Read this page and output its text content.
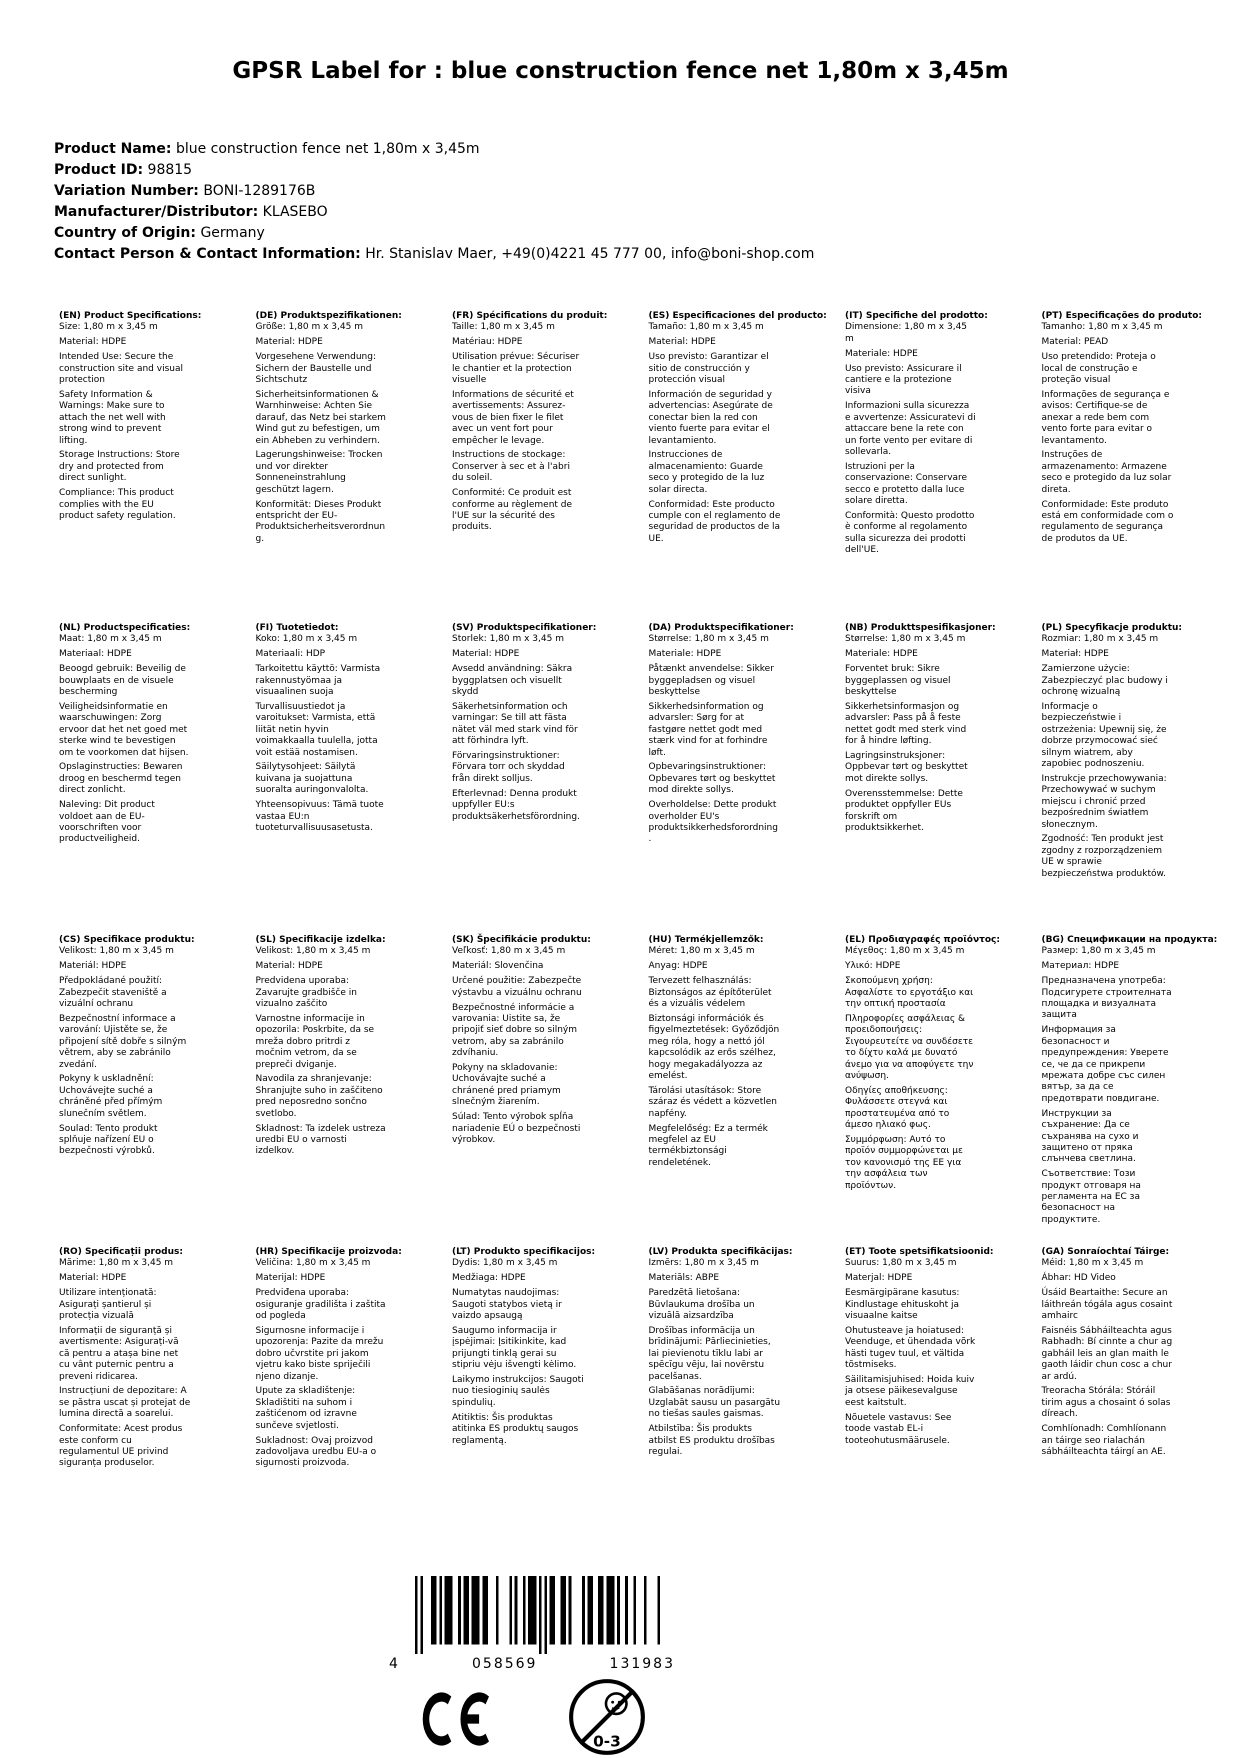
GPSR Label for : blue construction fence net 1,80m x 3,45m
Product Name: blue construction fence net 1,80m x 3,45m
Product ID: 98815
Variation Number: BONI-1289176B
Manufacturer/Distributor: KLASEBO
Country of Origin: Germany
Contact Person & Contact Information: Hr. Stanislav Maer, +49(0)4221 45 777 00, info@boni-shop.com
(EN) Product Specifications:

Size: 1,80 m x 3,45 m

Material: HDPE

Intended Use: Secure the construction site and visual protection

Safety Information & Warnings: Make sure to attach the net well with strong wind to prevent lifting.

Storage Instructions: Store dry and protected from direct sunlight.

Compliance: This product complies with the EU product safety regulation.

(DE) Produktspezifikationen:

Größe: 1,80 m x 3,45 m

Material: HDPE

Vorgesehene Verwendung: Sichern der Baustelle und Sichtschutz

Sicherheitsinformationen & Warnhinweise: Achten Sie darauf, das Netz bei starkem Wind gut zu befestigen, um ein Abheben zu verhindern.

Lagerungshinweise: Trocken und vor direkter Sonneneinstrahlung geschützt lagern.

Konformität: Dieses Produkt entspricht der EU-Produktsicherheitsverordnung.

(FR) Spécifications du produit:

Taille: 1,80 m x 3,45 m

Matériau: HDPE

Utilisation prévue: Sécuriser le chantier et la protection visuelle

Informations de sécurité et avertissements: Assurez-vous de bien fixer le filet avec un vent fort pour empêcher le levage.

Instructions de stockage: Conserver à sec et à l'abri du soleil.

Conformité: Ce produit est conforme au règlement de l'UE sur la sécurité des produits.

(ES) Especificaciones del producto:

Tamaño: 1,80 m x 3,45 m

Material: HDPE

Uso previsto: Garantizar el sitio de construcción y protección visual

Información de seguridad y advertencias: Asegúrate de conectar bien la red con viento fuerte para evitar el levantamiento.

Instrucciones de almacenamiento: Guarde seco y protegido de la luz solar directa.

Conformidad: Este producto cumple con el reglamento de seguridad de productos de la UE.

(IT) Specifiche del prodotto:

Dimensione: 1,80 m x 3,45 m

Materiale: HDPE

Uso previsto: Assicurare il cantiere e la protezione visiva

Informazioni sulla sicurezza e avvertenze: Assicuratevi di attaccare bene la rete con un forte vento per evitare di sollevarla.

Istruzioni per la conservazione: Conservare secco e protetto dalla luce solare diretta.

Conformità: Questo prodotto è conforme al regolamento sulla sicurezza dei prodotti dell'UE.

(PT) Especificações do produto:

Tamanho: 1,80 m x 3,45 m

Material: PEAD

Uso pretendido: Proteja o local de construção e proteção visual

Informações de segurança e avisos: Certifique-se de anexar a rede bem com vento forte para evitar o levantamento.

Instruções de armazenamento: Armazene seco e protegido da luz solar direta.

Conformidade: Este produto está em conformidade com o regulamento de segurança de produtos da UE.

(NL) Productspecificaties:

Maat: 1,80 m x 3,45 m

Materiaal: HDPE

Beoogd gebruik: Beveilig de bouwplaats en de visuele bescherming

Veiligheidsinformatie en waarschuwingen: Zorg ervoor dat het net goed met sterke wind te bevestigen om te voorkomen dat hijsen.

Opslaginstructies: Bewaren droog en beschermd tegen direct zonlicht.

Naleving: Dit product voldoet aan de EU-voorschriften voor productveiligheid.

(FI) Tuotetiedot:

Koko: 1,80 m x 3,45 m

Materiaali: HDP

Tarkoitettu käyttö: Varmista rakennustyömaa ja visuaalinen suoja

Turvallisuustiedot ja varoitukset: Varmista, että liität netin hyvin voimakkaalla tuulella, jotta voit estää nostamisen.

Säilytysohjeet: Säilytä kuivana ja suojattuna suoralta auringonvalolta.

Yhteensopivuus: Tämä tuote vastaa EU:n tuoteturvallisuusasetusta.

(SV) Produktspecifikationer:

Storlek: 1,80 m x 3,45 m

Material: HDPE

Avsedd användning: Säkra byggplatsen och visuellt skydd

Säkerhetsinformation och varningar: Se till att fästa nätet väl med stark vind för att förhindra lyft.

Förvaringsinstruktioner: Förvara torr och skyddad från direkt solljus.

Efterlevnad: Denna produkt uppfyller EU:s produktsäkerhetsförordning.

(DA) Produktspecifikationer:

Størrelse: 1,80 m x 3,45 m

Materiale: HDPE

Påtænkt anvendelse: Sikker byggepladsen og visuel beskyttelse

Sikkerhedsinformation og advarsler: Sørg for at fastgøre nettet godt med stærk vind for at forhindre løft.

Opbevaringsinstruktioner: Opbevares tørt og beskyttet mod direkte sollys.

Overholdelse: Dette produkt overholder EU's produktsikkerhedsforordning.

(NB) Produkttspesifikasjoner:

Størrelse: 1,80 m x 3,45 m

Materiale: HDPE

Forventet bruk: Sikre byggeplassen og visuel beskyttelse

Sikkerhetsinformasjon og advarsler: Pass på å feste nettet godt med sterk vind for å hindre løfting.

Lagringsinstruksjoner: Oppbevar tørt og beskyttet mot direkte sollys.

Overensstemmelse: Dette produktet oppfyller EUs forskrift om produktsikkerhet.

(PL) Specyfikacje produktu:

Rozmiar: 1,80 m x 3,45 m

Materiał: HDPE

Zamierzone użycie: Zabezpieczyć plac budowy i ochronę wizualną

Informacje o bezpieczeństwie i ostrzeżenia: Upewnij się, że dobrze przymocować sieć silnym wiatrem, aby zapobiec podnoszeniu.

Instrukcje przechowywania: Przechowywać w suchym miejscu i chronić przed bezpośrednim światłem słonecznym.

Zgodność: Ten produkt jest zgodny z rozporządzeniem UE w sprawie bezpieczeństwa produktów.

(CS) Specifikace produktu:

Velikost: 1,80 m x 3,45 m

Materiál: HDPE

Předpokládané použití: Zabezpečit staveniště a vizuální ochranu

Bezpečnostní informace a varování: Ujistěte se, že připojení sítě dobře s silným větrem, aby se zabránilo zvedání.

Pokyny k uskladnění: Uchovávejte suché a chráněné před přímým slunečním světlem.

Soulad: Tento produkt splňuje nařízení EU o bezpečnosti výrobků.

(SL) Specifikacije izdelka:

Velikost: 1,80 m x 3,45 m

Material: HDPE

Predvidena uporaba: Zavarujte gradbišče in vizualno zaščito

Varnostne informacije in opozorila: Poskrbite, da se mreža dobro pritrdi z močnim vetrom, da se prepreči dviganje.

Navodila za shranjevanje: Shranjujte suho in zaščiteno pred neposredno sončno svetlobo.

Skladnost: Ta izdelek ustreza uredbi EU o varnosti izdelkov.

(SK) Špecifikácie produktu:

Veľkosť: 1,80 m x 3,45 m

Materiál: Slovenčina

Určené použitie: Zabezpečte výstavbu a vizuálnu ochranu

Bezpečnostné informácie a varovania: Uistite sa, že pripojiť sieť dobre so silným vetrom, aby sa zabránilo zdvíhaniu.

Pokyny na skladovanie: Uchovávajte suché a chránené pred priamym slnečným žiarením.

Súlad: Tento výrobok spĺňa nariadenie EÚ o bezpečnosti výrobkov.

(HU) Termékjellemzők:

Méret: 1,80 m x 3,45 m

Anyag: HDPE

Tervezett felhasználás: Biztonságos az építőterület és a vizuális védelem

Biztonsági információk és figyelmeztetések: Győződjön meg róla, hogy a nettó jól kapcsolódik az erős szélhez, hogy megakadályozza az emelést.

Tárolási utasítások: Store száraz és védett a közvetlen napfény.

Megfelelőség: Ez a termék megfelel az EU termékbiztonsági rendeletének.

(EL) Προδιαγραφές προϊόντος:

Μέγεθος: 1,80 m x 3,45 m

Υλικό: HDPE

Σκοπούμενη χρήση: Ασφαλίστε το εργοτάξιο και την οπτική προστασία

Πληροφορίες ασφάλειας & προειδοποιήσεις: Σιγουρευτείτε να συνδέσετε το δίχτυ καλά με δυνατό άνεμο για να αποφύγετε την ανύψωση.

Οδηγίες αποθήκευσης: Φυλάσσετε στεγνά και προστατευμένα από το άμεσο ηλιακό φως.

Συμμόρφωση: Αυτό το προϊόν συμμορφώνεται με τον κανονισμό της ΕΕ για την ασφάλεια των προϊόντων.

(BG) Спецификации на продукта:

Размер: 1,80 m x 3,45 m

Материал: HDPE

Предназначена употреба: Подсигурете строителната площадка и визуалната защита

Информация за безопасност и предупреждения: Уверете се, че да се прикрепи мрежата добре със силен вятър, за да се предотврати повдигане.

Инструкции за съхранение: Да се съхранява на сухо и защитено от пряка слънчева светлина.

Съответствие: Този продукт отговаря на регламента на ЕС за безопасност на продуктите.

(RO) Specificații produs:

Mărime: 1,80 m x 3,45 m

Material: HDPE

Utilizare intenționată: Asigurați șantierul și protecția vizuală

Informații de siguranță și avertismente: Asigurați-vă că pentru a atașa bine net cu vânt puternic pentru a preveni ridicarea.

Instrucțiuni de depozitare: A se păstra uscat și protejat de lumina directă a soarelui.

Conformitate: Acest produs este conform cu regulamentul UE privind siguranța produselor.

(HR) Specifikacije proizvoda:

Veličina: 1,80 m x 3,45 m

Materijal: HDPE

Predviđena uporaba: osiguranje gradilišta i zaštita od pogleda

Sigurnosne informacije i upozorenja: Pazite da mrežu dobro učvrstite pri jakom vjetru kako biste spriječili njeno dizanje.

Upute za skladištenje: Skladištiti na suhom i zaštićenom od izravne sunčeve svjetlosti.

Sukladnost: Ovaj proizvod zadovoljava uredbu EU-a o sigurnosti proizvoda.

(LT) Produkto specifikacijos:

Dydis: 1,80 m x 3,45 m

Medžiaga: HDPE

Numatytas naudojimas: Saugoti statybos vietą ir vaizdo apsaugą

Saugumo informacija ir įspėjimai: Įsitikinkite, kad prijungti tinklą gerai su stipriu vėju išvengti kėlimo.

Laikymo instrukcijos: Saugoti nuo tiesioginių saulės spindulių.

Atitiktis: Šis produktas atitinka ES produktų saugos reglamentą.

(LV) Produkta specifikācijas:

Izmērs: 1,80 m x 3,45 m

Materiāls: ABPE

Paredzētā lietošana: Būvlaukuma drošība un vizuālā aizsardzība

Drošības informācija un brīdinājumi: Pārliecinieties, lai pievienotu tīklu labi ar spēcīgu vēju, lai novērstu pacelšanas.

Glabāšanas norādījumi: Uzglabāt sausu un pasargātu no tiešas saules gaismas.

Atbilstība: Šis produkts atbilst ES produktu drošības regulai.

(ET) Toote spetsifikatsioonid:

Suurus: 1,80 m x 3,45 m

Materjal: HDPE

Eesmärgipärane kasutus: Kindlustage ehituskoht ja visuaalne kaitse

Ohutusteave ja hoiatused: Veenduge, et ühendada võrk hästi tugev tuul, et vältida tõstmiseks.

Säilitamisjuhised: Hoida kuiv ja otsese päikesevalguse eest kaitstult.

Nõuetele vastavus: See toode vastab EL-i tooteohutusmäärusele.

(GA) Sonraíochtaí Táirge:

Méid: 1,80 m x 3,45 m

Ábhar: HD Video

Úsáid Beartaithe: Secure an láithreán tógála agus cosaint amhairc

Faisnéis Sábháilteachta agus Rabhadh: Bí cinnte a chur ag gabháil leis an glan maith le gaoth láidir chun cosc a chur ar ardú.

Treoracha Stórála: Stóráil tirim agus a chosaint ó solas díreach.

Comhlíonadh: Comhlíonann an táirge seo rialachán sábháilteachta táirgí an AE.

4	058569	131983
0-3
